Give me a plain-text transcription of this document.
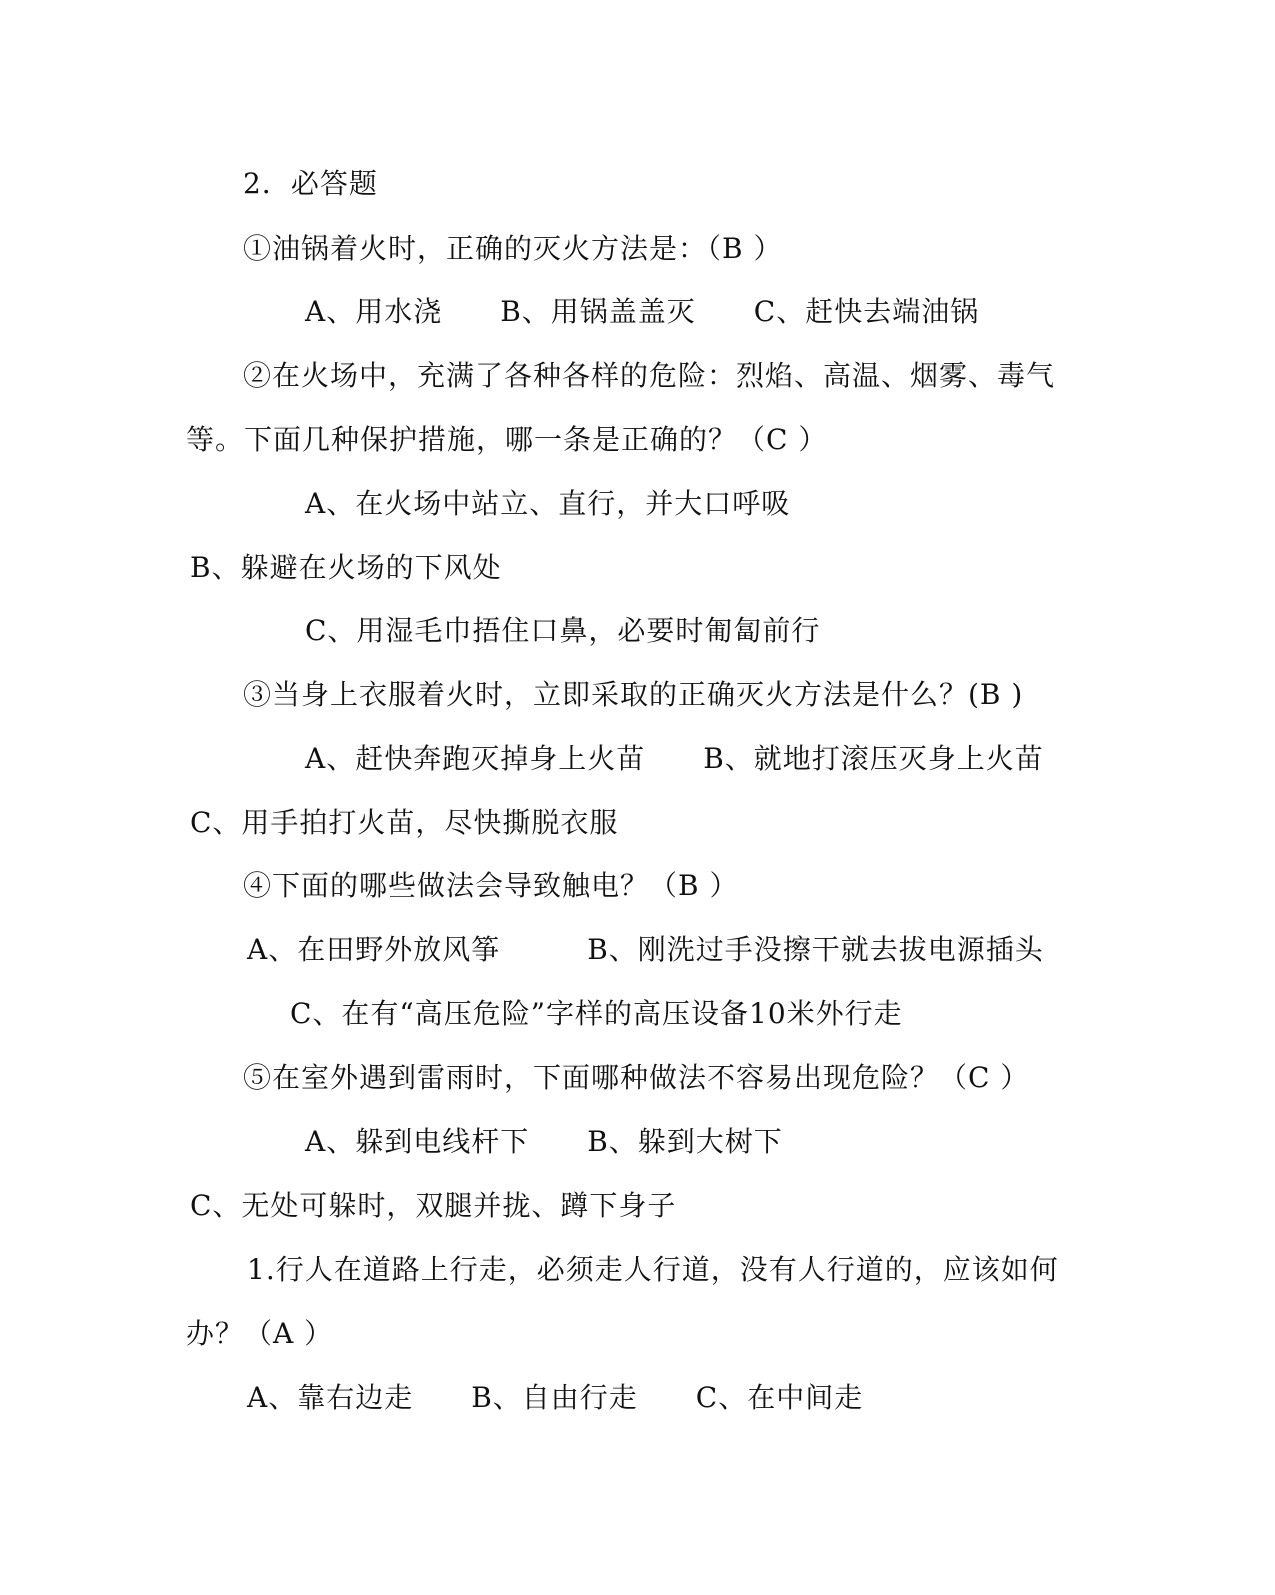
2．必答题
①油锅着火时，正确的灭火方法是：（B ）
A、用水浇　　B、用锅盖盖灭　　C、赶快去端油锅
②在火场中，充满了各种各样的危险：烈焰、高温、烟雾、毒气
等。下面几种保护措施，哪一条是正确的？（C ）
A、在火场中站立、直行，并大口呼吸
B、躲避在火场的下风处
C、用湿毛巾捂住口鼻，必要时匍匐前行
③当身上衣服着火时，立即采取的正确灭火方法是什么？(B )
A、赶快奔跑灭掉身上火苗　　B、就地打滚压灭身上火苗
C、用手拍打火苗，尽快撕脱衣服
④下面的哪些做法会导致触电？（B ）
A、在田野外放风筝　　　B、刚洗过手没擦干就去拔电源插头
C、在有“高压危险”字样的高压设备10米外行走
⑤在室外遇到雷雨时，下面哪种做法不容易出现危险？（C ）
A、躲到电线杆下　　B、躲到大树下
C、无处可躲时，双腿并拢、蹲下身子
1.行人在道路上行走，必须走人行道，没有人行道的，应该如何
办？（A ）
A、靠右边走　　B、自由行走　　C、在中间走
